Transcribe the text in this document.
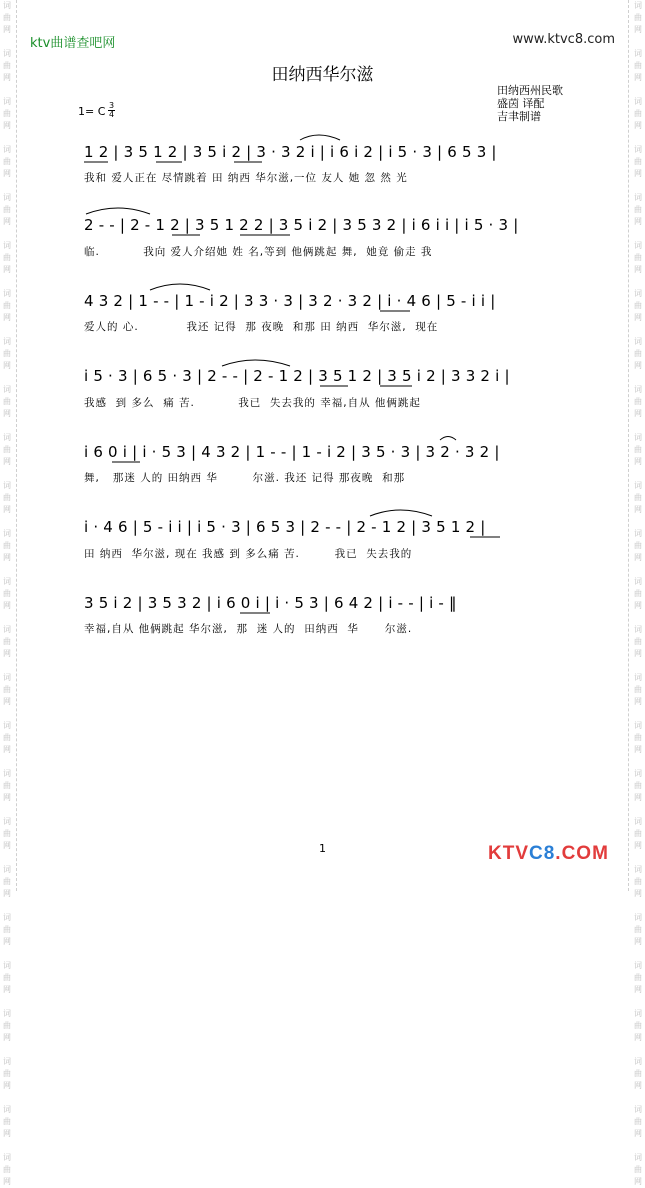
词
曲
网

词
曲
网

词
曲
网

词
曲
网

词
曲
网

词
曲
网

词
曲
网

词
曲
网

词
曲
网

词
曲
网

词
曲
网

词
曲
网

词
曲
网

词
曲
网

词
曲
网

词
曲
网

词
曲
网

词
曲
网

词
曲
网

词
曲
网

词
曲
网

词
曲
网

词
曲
网

词
曲
网

词
曲
网

词
曲
网

词
曲
网

词
曲
网

词
曲
网

词
曲
网

词
曲
网

词
曲
网

词
曲
网

词
曲
网

词
曲
网

词
曲
网

词
曲
网

词
曲
网

词
曲
网

词
曲
网

词
曲
网

词
曲
网

词
曲
网

词
曲
网

词
曲
网

词
曲
网

词
曲
网

词
曲
网

词
曲
网

词
曲
网

ktv曲谱查吧网	www.ktvc8.com
田纳西华尔滋
田纳西州民歌
盛茵 译配
吉聿制谱
1= C 3
4
1 2 | 3 5 1 2 | 3 5 i 2 | 3 · 3 2 i | i 6 i 2 | i 5 · 3 | 6 5 3 |
我和 爱人正在 尽情跳着 田 纳西 华尔滋,一位 友人 她 忽 然 光
2 - - | 2 - 1 2 | 3 5 1 2 2 | 3 5 i 2 | 3 5 3 2 | i 6 i i | i 5 · 3 |
临.          我向 爱人介绍她 姓 名,等到 他俩跳起 舞,  她竟 偷走 我
4 3 2 | 1 - - | 1 - i 2 | 3 3 · 3 | 3 2 · 3 2 | i · 4 6 | 5 - i i |
爱人的 心.           我还 记得  那 夜晚  和那 田 纳西  华尔滋,  现在
i 5 · 3 | 6 5 · 3 | 2 - - | 2 - 1 2 | 3 5 1 2 | 3 5 i 2 | 3 3 2 i |
我感  到 多么  痛 苦.          我已  失去我的 幸福,自从 他俩跳起
i 6 0 i | i · 5 3 | 4 3 2 | 1 - - | 1 - i 2 | 3 5 · 3 | 3 2 · 3 2 |
舞,   那迷 人的 田纳西 华        尔滋. 我还 记得 那夜晚  和那
i · 4 6 | 5 - i i | i 5 · 3 | 6 5 3 | 2 - - | 2 - 1 2 | 3 5 1 2 |
田 纳西  华尔滋, 现在 我感 到 多么痛 苦.        我已  失去我的
3 5 i 2 | 3 5 3 2 | i 6 0 i | i · 5 3 | 6 4 2 | i - - | i - ‖
幸福,自从 他俩跳起 华尔滋,  那  迷 人的  田纳西  华      尔滋.
1	KTVC8.COM
